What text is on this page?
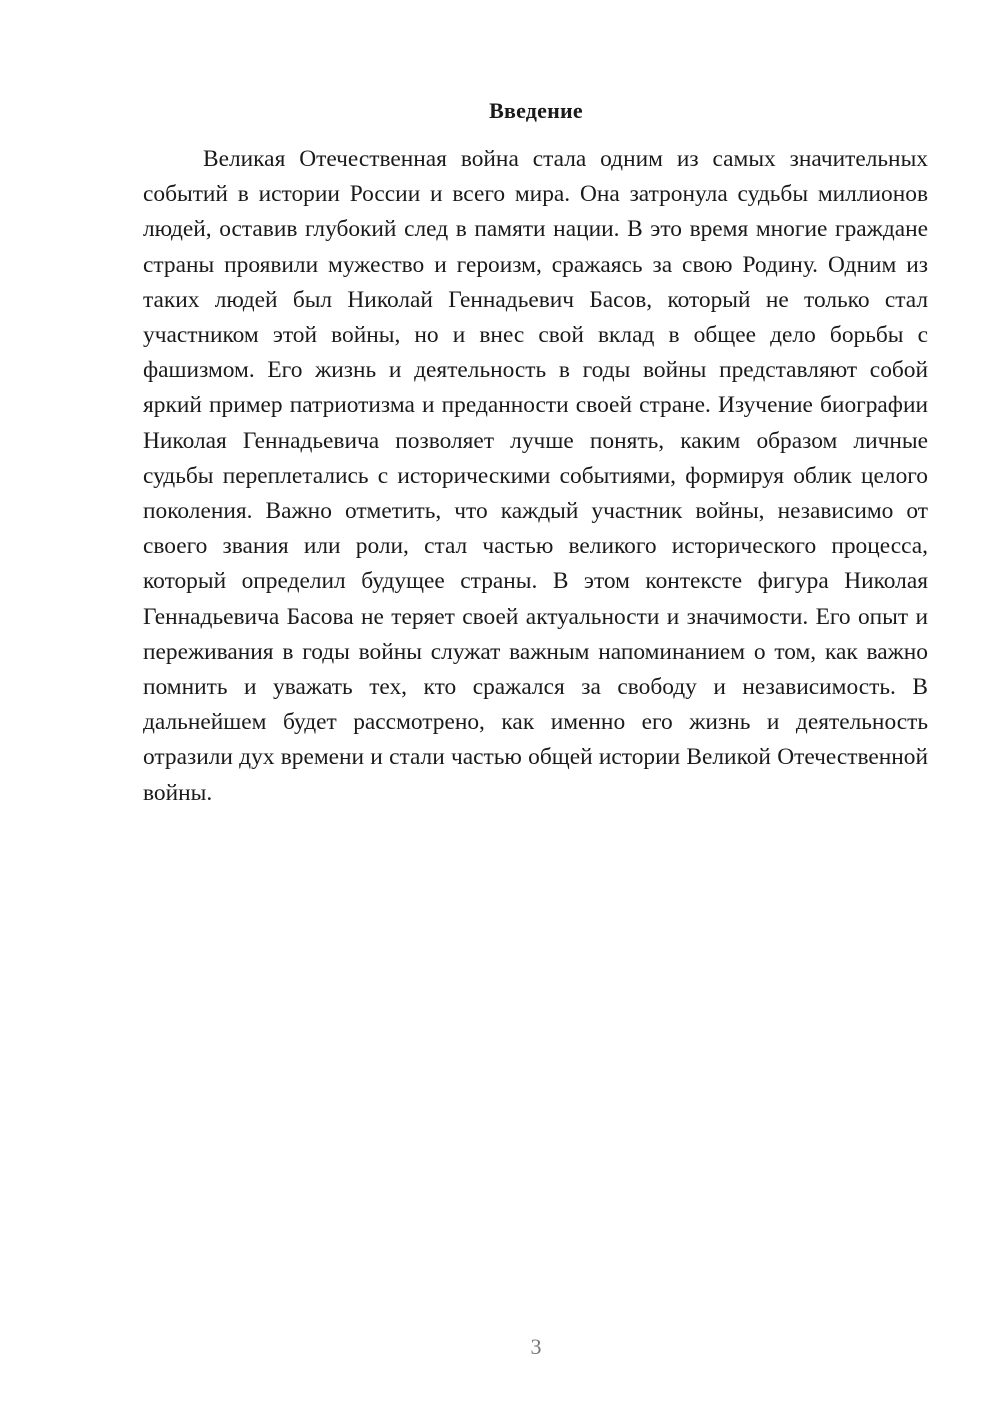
Введение

Великая Отечественная война стала одним из самых значительных событий в истории России и всего мира. Она затронула судьбы миллионов людей, оставив глубокий след в памяти нации. В это время многие граждане страны проявили мужество и героизм, сражаясь за свою Родину. Одним из таких людей был Николай Геннадьевич Басов, который не только стал участником этой войны, но и внес свой вклад в общее дело борьбы с фашизмом. Его жизнь и деятельность в годы войны представляют собой яркий пример патриотизма и преданности своей стране. Изучение биографии Николая Геннадьевича позволяет лучше понять, каким образом личные судьбы переплетались с историческими событиями, формируя облик целого поколения. Важно отметить, что каждый участник войны, независимо от своего звания или роли, стал частью великого исторического процесса, который определил будущее страны. В этом контексте фигура Николая Геннадьевича Басова не теряет своей актуальности и значимости. Его опыт и переживания в годы войны служат важным напоминанием о том, как важно помнить и уважать тех, кто сражался за свободу и независимость. В дальнейшем будет рассмотрено, как именно его жизнь и деятельность отразили дух времени и стали частью общей истории Великой Отечественной войны.

3
